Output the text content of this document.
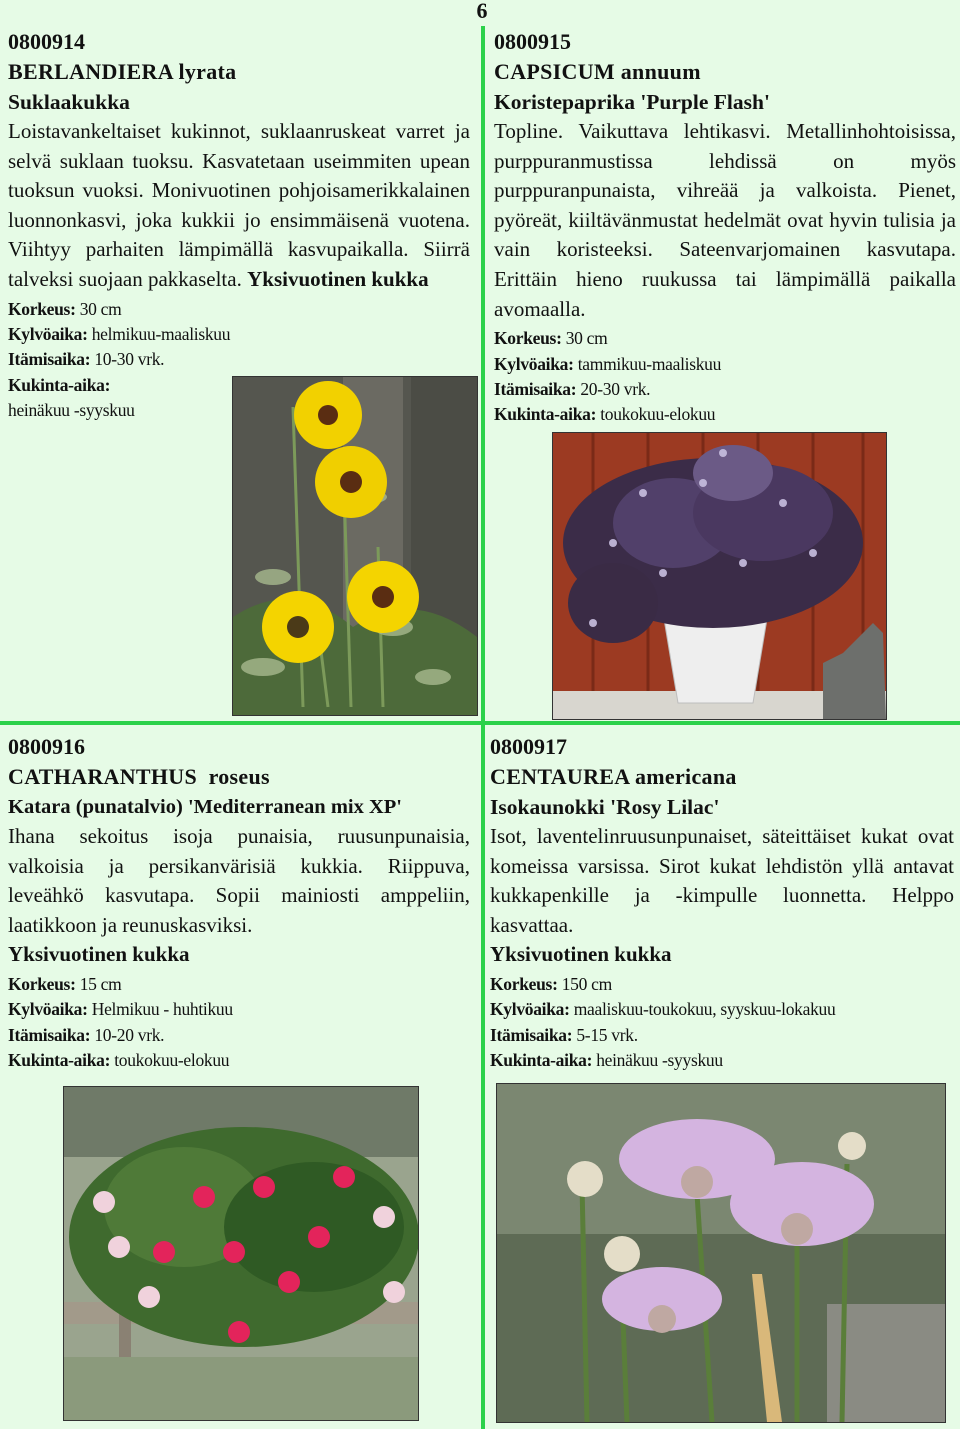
6
0800914
BERLANDIERA lyrata
Suklaakukka
Loistavankeltaiset kukinnot, suklaanruskeat varret ja selvä suklaan tuoksu. Kasvatetaan useimmiten upean tuoksun vuoksi. Monivuotinen pohjoisamerikkalainen luonnonkasvi, joka kukkii jo ensimmäisenä vuotena. Viihtyy parhaiten lämpimällä kasvupaikalla. Siirrä talveksi suojaan pakkaselta. Yksivuotinen kukka
Korkeus: 30 cm
Kylvöaika: helmikuu-maaliskuu
Itämisaika: 10-30 vrk.
Kukinta-aika:
heinäkuu -syyskuu
0800915
CAPSICUM annuum
Koristepaprika 'Purple Flash'
Topline. Vaikuttava lehtikasvi. Metallinhohtoisissa, purppuranmustissa lehdissä on myös purppuranpunaista, vihreää ja valkoista. Pienet, pyöreät, kiiltävänmustat hedelmät ovat hyvin tulisia ja vain koristeeksi. Sateenvarjomainen kasvutapa. Erittäin hieno ruukussa tai lämpimällä paikalla avomaalla.
Korkeus: 30 cm
Kylvöaika: tammikuu-maaliskuu
Itämisaika: 20-30 vrk.
Kukinta-aika: toukokuu-elokuu
0800916
CATHARANTHUS  roseus
Katara (punatalvio) 'Mediterranean mix XP'
Ihana sekoitus isoja punaisia, ruusunpunaisia, valkoisia ja persikanvärisiä kukkia. Riippuva, leveähkö kasvutapa. Sopii mainiosti amppeliin, laatikkoon ja reunuskasviksi.
Yksivuotinen kukka
Korkeus: 15 cm
Kylvöaika: Helmikuu - huhtikuu
Itämisaika: 10-20 vrk.
Kukinta-aika: toukokuu-elokuu
0800917
CENTAUREA americana
Isokaunokki 'Rosy Lilac'
Isot, laventelinruusunpunaiset, säteittäiset kukat ovat komeissa varsissa. Sirot kukat lehdistön yllä antavat kukkapenkille ja -kimpulle luonnetta. Helppo kasvattaa.
Yksivuotinen kukka
Korkeus: 150 cm
Kylvöaika: maaliskuu-toukokuu, syyskuu-lokakuu
Itämisaika: 5-15 vrk.
Kukinta-aika: heinäkuu -syyskuu
